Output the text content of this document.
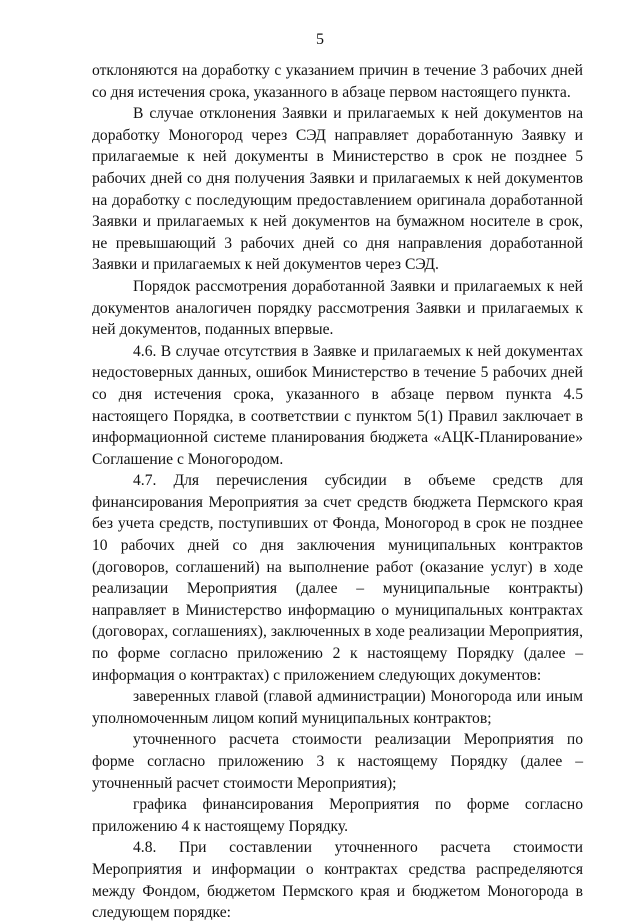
5

отклоняются на доработку с указанием причин в течение 3 рабочих дней со дня истечения срока, указанного в абзаце первом настоящего пункта.

В случае отклонения Заявки и прилагаемых к ней документов на доработку Моногород через СЭД направляет доработанную Заявку и прилагаемые к ней документы в Министерство в срок не позднее 5 рабочих дней со дня получения Заявки и прилагаемых к ней документов на доработку с последующим предоставлением оригинала доработанной Заявки и прилагаемых к ней документов на бумажном носителе в срок, не превышающий 3 рабочих дней со дня направления доработанной Заявки и прилагаемых к ней документов через СЭД.

Порядок рассмотрения доработанной Заявки и прилагаемых к ней документов аналогичен порядку рассмотрения Заявки и прилагаемых к ней документов, поданных впервые.

4.6. В случае отсутствия в Заявке и прилагаемых к ней документах недостоверных данных, ошибок Министерство в течение 5 рабочих дней со дня истечения срока, указанного в абзаце первом пункта 4.5 настоящего Порядка, в соответствии с пунктом 5(1) Правил заключает в информационной системе планирования бюджета «АЦК-Планирование» Соглашение с Моногородом.

4.7. Для перечисления субсидии в объеме средств для финансирования Мероприятия за счет средств бюджета Пермского края без учета средств, поступивших от Фонда, Моногород в срок не позднее 10 рабочих дней со дня заключения муниципальных контрактов (договоров, соглашений) на выполнение работ (оказание услуг) в ходе реализации Мероприятия (далее – муниципальные контракты) направляет в Министерство информацию о муниципальных контрактах (договорах, соглашениях), заключенных в ходе реализации Мероприятия, по форме согласно приложению 2 к настоящему Порядку (далее – информация о контрактах) с приложением следующих документов:

заверенных главой (главой администрации) Моногорода или иным уполномоченным лицом копий муниципальных контрактов;

уточненного расчета стоимости реализации Мероприятия по форме согласно приложению 3 к настоящему Порядку (далее – уточненный расчет стоимости Мероприятия);

графика финансирования Мероприятия по форме согласно приложению 4 к настоящему Порядку.

4.8. При составлении уточненного расчета стоимости Мероприятия и информации о контрактах средства распределяются между Фондом, бюджетом Пермского края и бюджетом Моногорода в следующем порядке:
